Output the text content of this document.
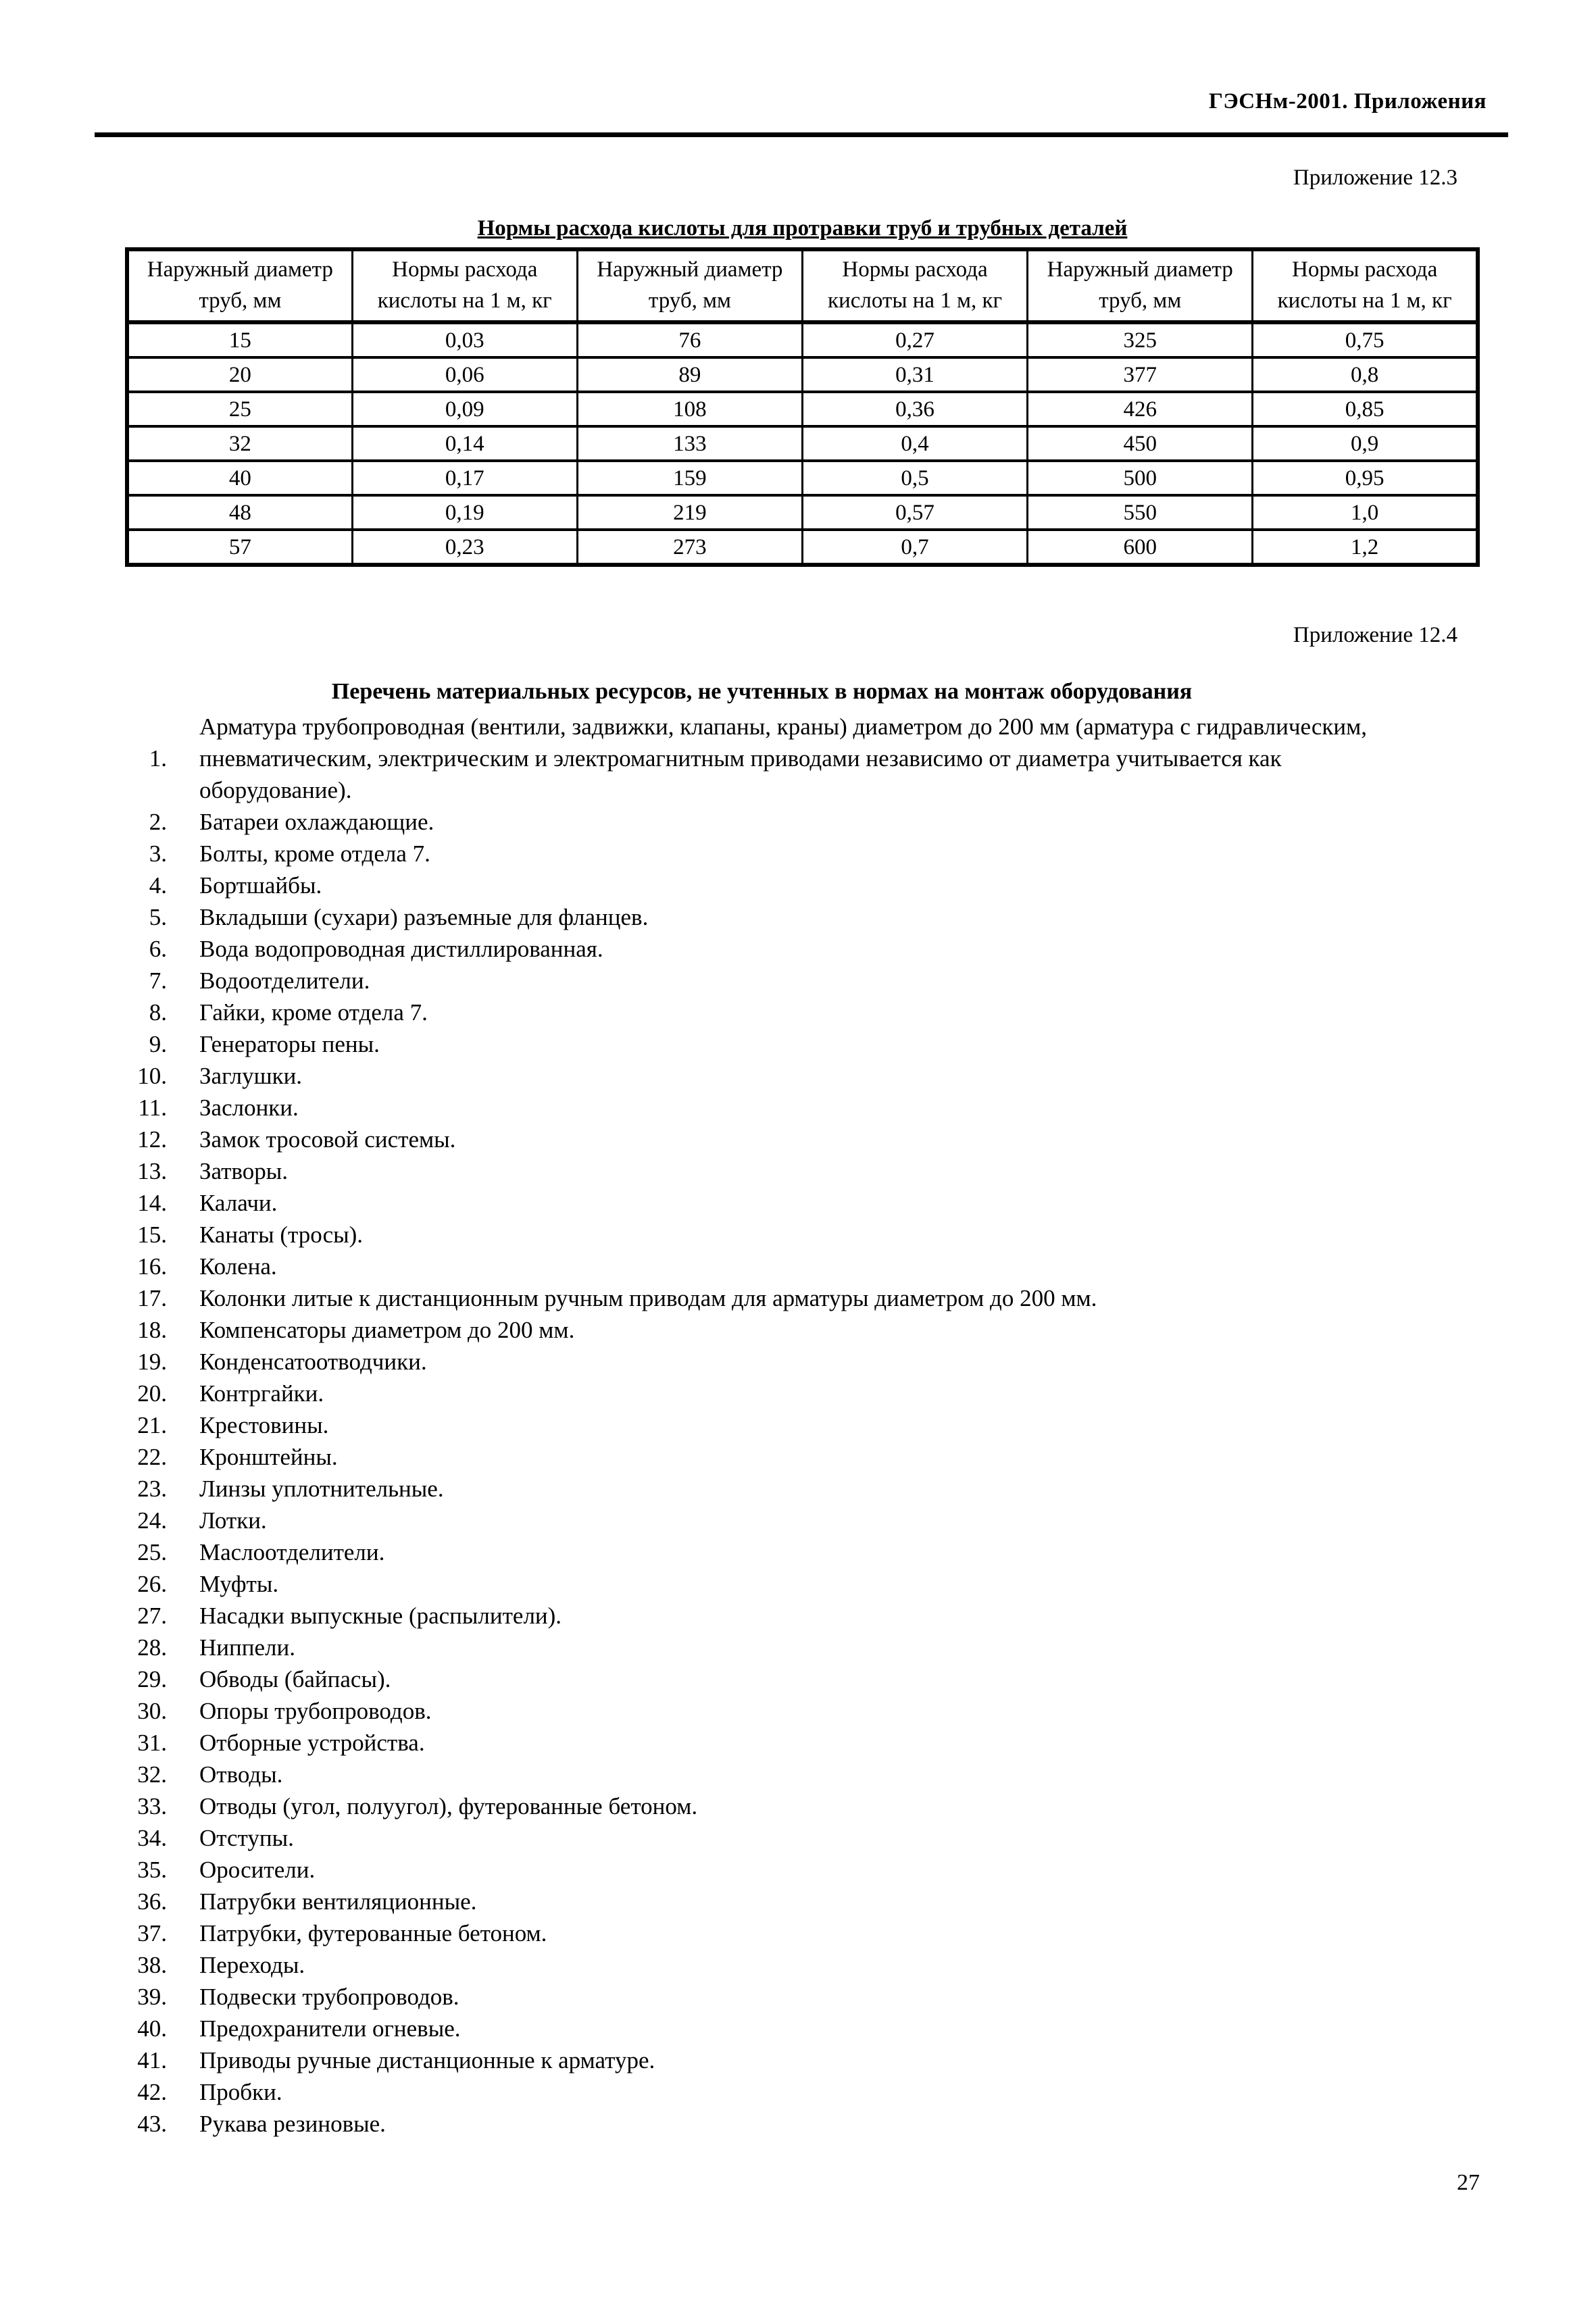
ГЭСНм-2001. Приложения
Приложение 12.3
Нормы расхода кислоты для протравки труб и трубных деталей
Наружный диаметр труб, мм	Нормы расхода кислоты на 1 м, кг	Наружный диаметр труб, мм	Нормы расхода кислоты на 1 м, кг	Наружный диаметр труб, мм	Нормы расхода кислоты на 1 м, кг
15	0,03	76	0,27	325	0,75
20	0,06	89	0,31	377	0,8
25	0,09	108	0,36	426	0,85
32	0,14	133	0,4	450	0,9
40	0,17	159	0,5	500	0,95
48	0,19	219	0,57	550	1,0
57	0,23	273	0,7	600	1,2
Приложение 12.4
Перечень материальных ресурсов, не учтенных в нормах на монтаж оборудования
1.
Арматура трубопроводная (вентили, задвижки, клапаны, краны) диаметром до 200 мм (арматура с гидравлическим, пневматическим, электрическим и электромагнитным приводами независимо от диаметра учитывается как оборудование).
2. Батареи охлаждающие.
3. Болты, кроме отдела 7.
4. Бортшайбы.
5. Вкладыши (сухари) разъемные для фланцев.
6. Вода водопроводная дистиллированная.
7. Водоотделители.
8. Гайки, кроме отдела 7.
9. Генераторы пены.
10. Заглушки.
11. Заслонки.
12. Замок тросовой системы.
13. Затворы.
14. Калачи.
15. Канаты (тросы).
16. Колена.
17. Колонки литые к дистанционным ручным приводам для арматуры диаметром до 200 мм.
18. Компенсаторы диаметром до 200 мм.
19. Конденсатоотводчики.
20. Контргайки.
21. Крестовины.
22. Кронштейны.
23. Линзы уплотнительные.
24. Лотки.
25. Маслоотделители.
26. Муфты.
27. Насадки выпускные (распылители).
28. Ниппели.
29. Обводы (байпасы).
30. Опоры трубопроводов.
31. Отборные устройства.
32. Отводы.
33. Отводы (угол, полуугол), футерованные бетоном.
34. Отступы.
35. Оросители.
36. Патрубки вентиляционные.
37. Патрубки, футерованные бетоном.
38. Переходы.
39. Подвески трубопроводов.
40. Предохранители огневые.
41. Приводы ручные дистанционные к арматуре.
42. Пробки.
43. Рукава резиновые.
27
